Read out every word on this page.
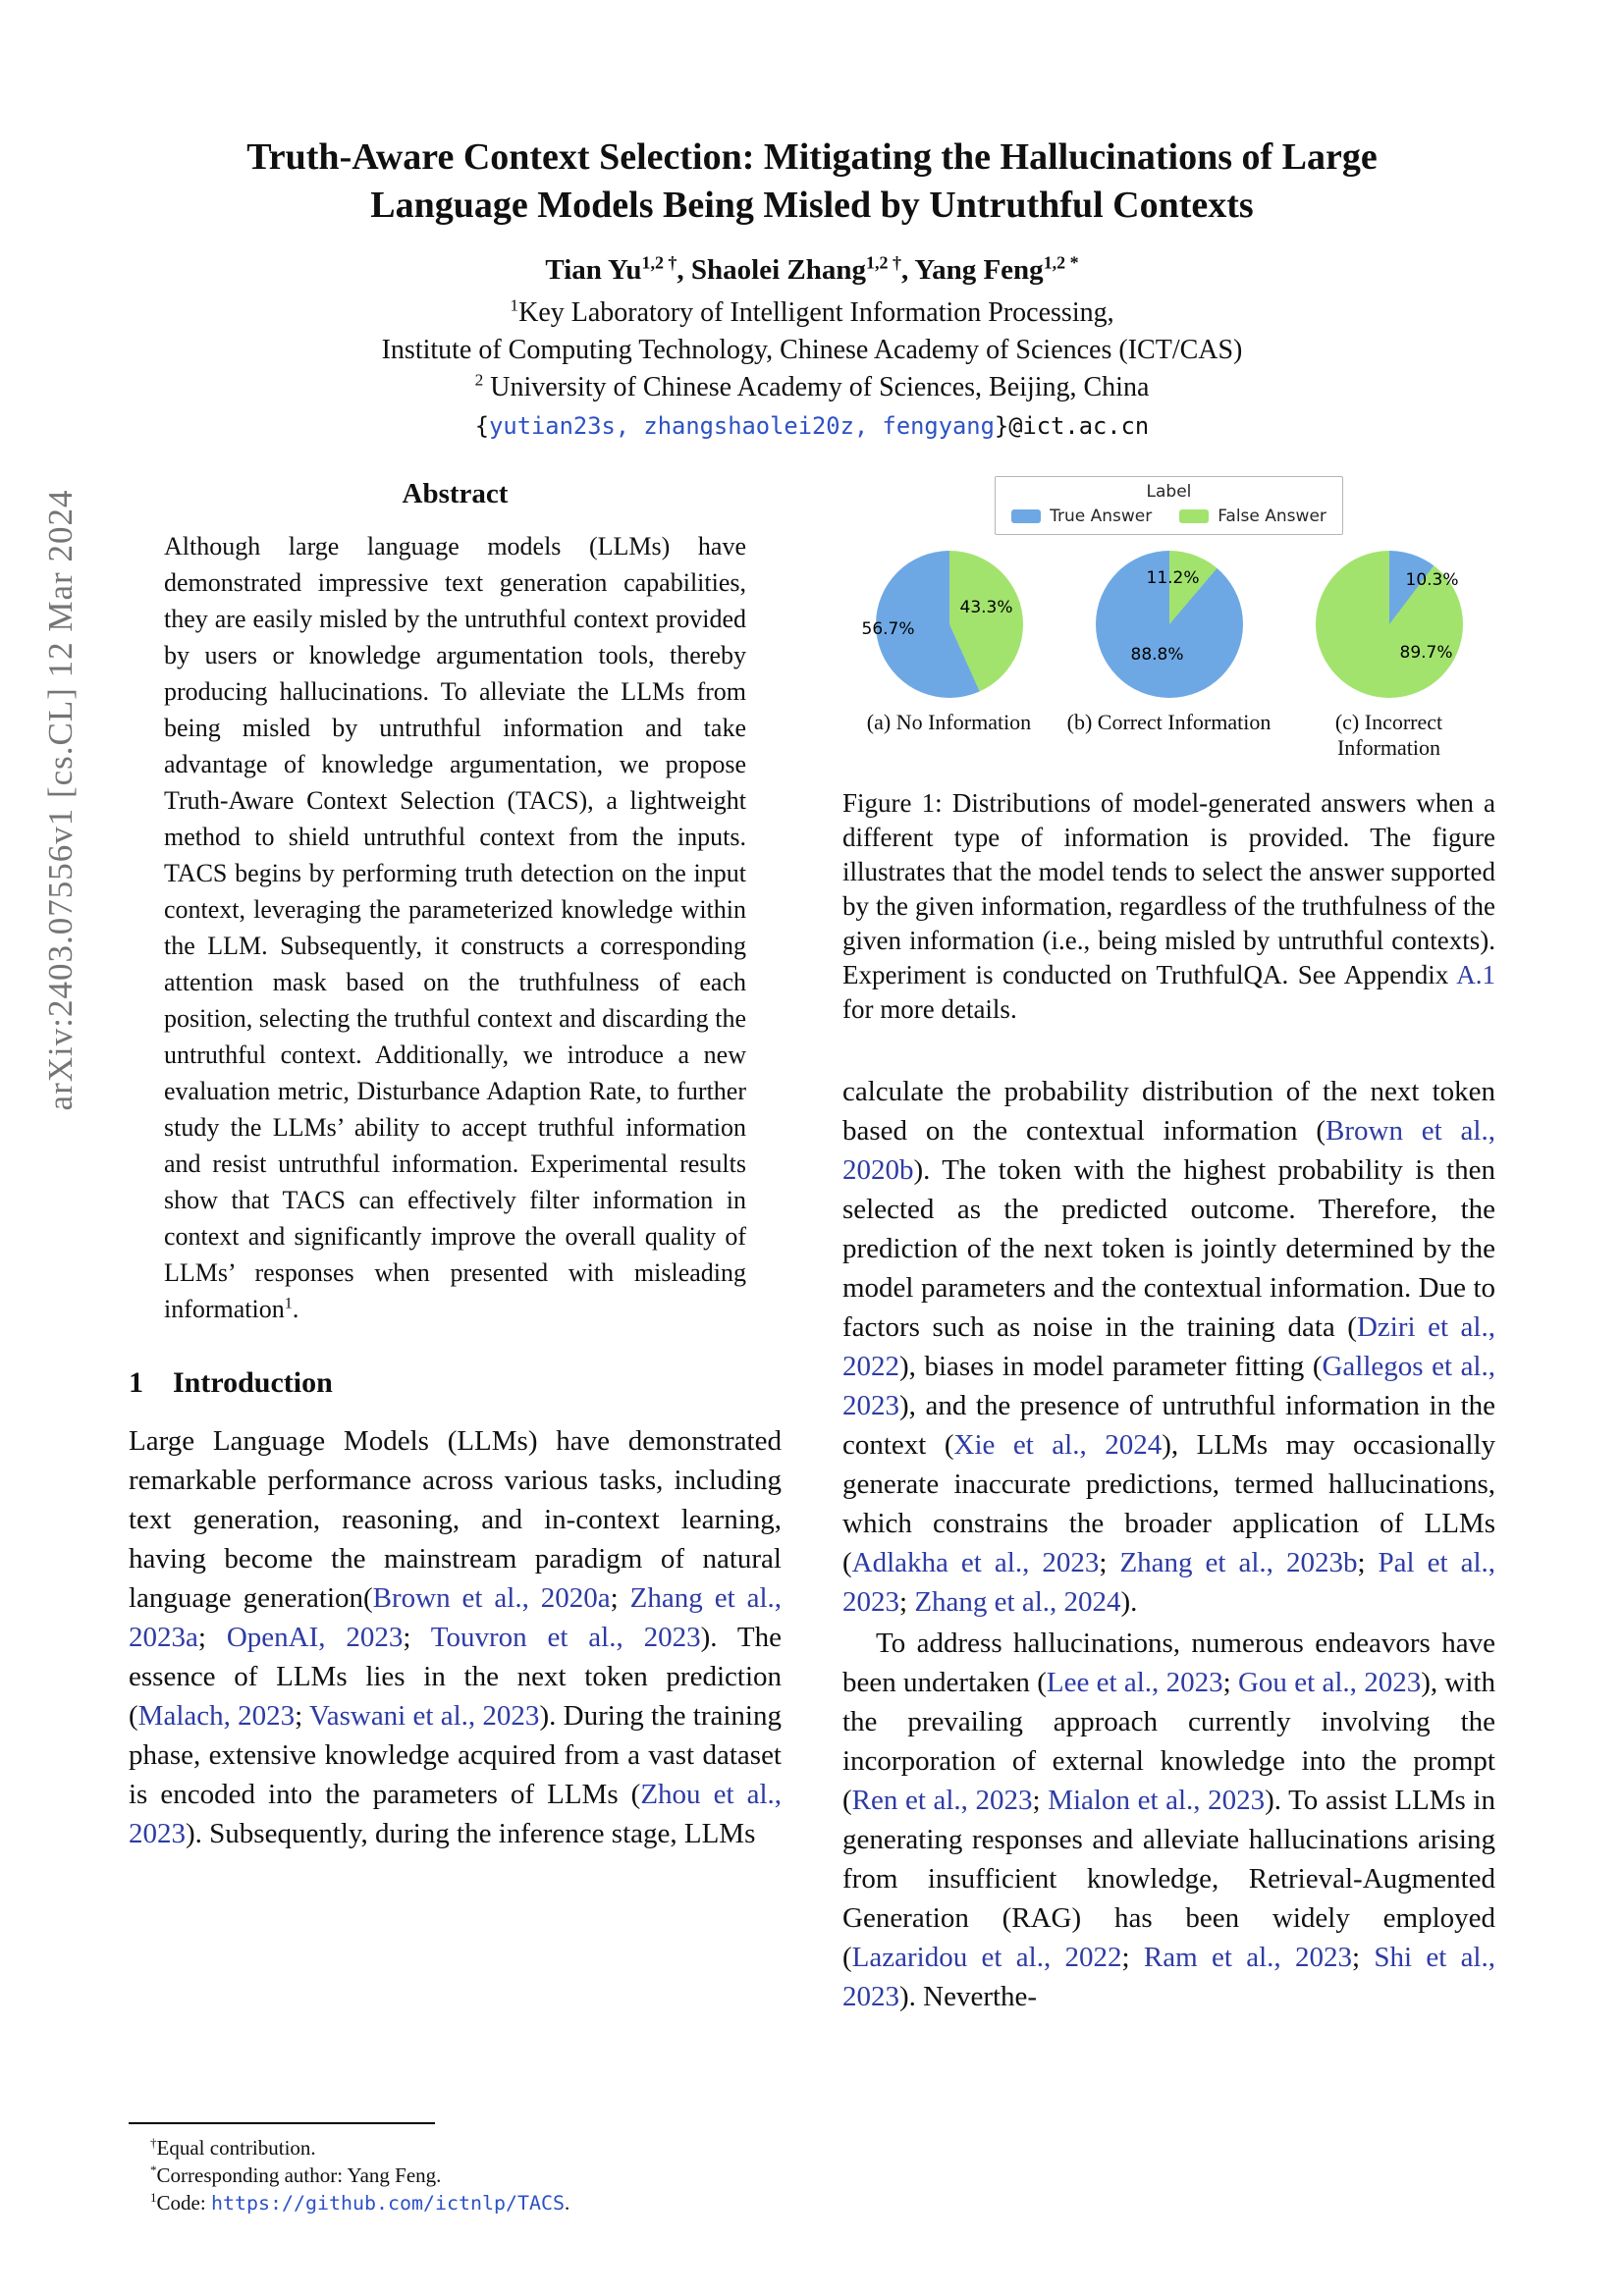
arXiv:2403.07556v1 [cs.CL] 12 Mar 2024
Truth-Aware Context Selection: Mitigating the Hallucinations of Large Language Models Being Misled by Untruthful Contexts
Tian $Yu^{1,2 \dagger}$, Shaolei Zhang$^{1,2 \dagger}$, Yang Feng$^{1,2 *}$
$^1$Key Laboratory of Intelligent Information Processing,
Institute of Computing Technology, Chinese Academy of Sciences (ICT/CAS)
$^2$ University of Chinese Academy of Sciences, Beijing, China
{yutian23s, zhangshaolei20z, fengyang}@ict.ac.cn
Abstract
Although large language models (LLMs) have demonstrated impressive text generation capabilities, they are easily misled by the untruthful context provided by users or knowledge argumentation tools, thereby producing hallucinations. To alleviate the LLMs from being misled by untruthful information and take advantage of knowledge argumentation, we propose Truth-Aware Context Selection (TACS), a lightweight method to shield untruthful context from the inputs. TACS begins by performing truth detection on the input context, leveraging the parameterized knowledge within the LLM. Subsequently, it constructs a corresponding attention mask based on the truthfulness of each position, selecting the truthful context and discarding the untruthful context. Additionally, we introduce a new evaluation metric, Disturbance Adaption Rate, to further study the LLMs’ ability to accept truthful information and resist untruthful information. Experimental results show that TACS can effectively filter information in context and significantly improve the overall quality of LLMs’ responses when presented with misleading information$^1$.
1 Introduction
Large Language Models (LLMs) have demonstrated remarkable performance across various tasks, including text generation, reasoning, and in-context learning, having become the mainstream paradigm of natural language generation(Brown et al., 2020a; Zhang et al., 2023a; OpenAI, 2023; Touvron et al., 2023). The essence of LLMs lies in the next token prediction (Malach, 2023; Vaswani et al., 2023). During the training phase, extensive knowledge acquired from a vast dataset is encoded into the parameters of LLMs (Zhou et al., 2023). Subsequently, during the inference stage, LLMs
†Equal contribution.
*Corresponding author: Yang Feng.
$^1$Code: https://github.com/ictnlp/TACS.
Label
True Answer	False Answer
56.7%
43.3%
(a) No Information
88.8%
11.2%
(b) Correct Information
10.3%
89.7%
(c) Incorrect Information
Figure 1: Distributions of model-generated answers when a different type of information is provided. The figure illustrates that the model tends to select the answer supported by the given information, regardless of the truthfulness of the given information (i.e., being misled by untruthful contexts). Experiment is conducted on TruthfulQA. See Appendix A.1 for more details.
calculate the probability distribution of the next token based on the contextual information (Brown et al., 2020b). The token with the highest probability is then selected as the predicted outcome. Therefore, the prediction of the next token is jointly determined by the model parameters and the contextual information. Due to factors such as noise in the training data (Dziri et al., 2022), biases in model parameter fitting (Gallegos et al., 2023), and the presence of untruthful information in the context (Xie et al., 2024), LLMs may occasionally generate inaccurate predictions, termed hallucinations, which constrains the broader application of LLMs (Adlakha et al., 2023; Zhang et al., 2023b; Pal et al., 2023; Zhang et al., 2024).
To address hallucinations, numerous endeavors have been undertaken (Lee et al., 2023; Gou et al., 2023), with the prevailing approach currently involving the incorporation of external knowledge into the prompt (Ren et al., 2023; Mialon et al., 2023). To assist LLMs in generating responses and alleviate hallucinations arising from insufficient knowledge, Retrieval-Augmented Generation (RAG) has been widely employed (Lazaridou et al., 2022; Ram et al., 2023; Shi et al., 2023). Neverthe-
